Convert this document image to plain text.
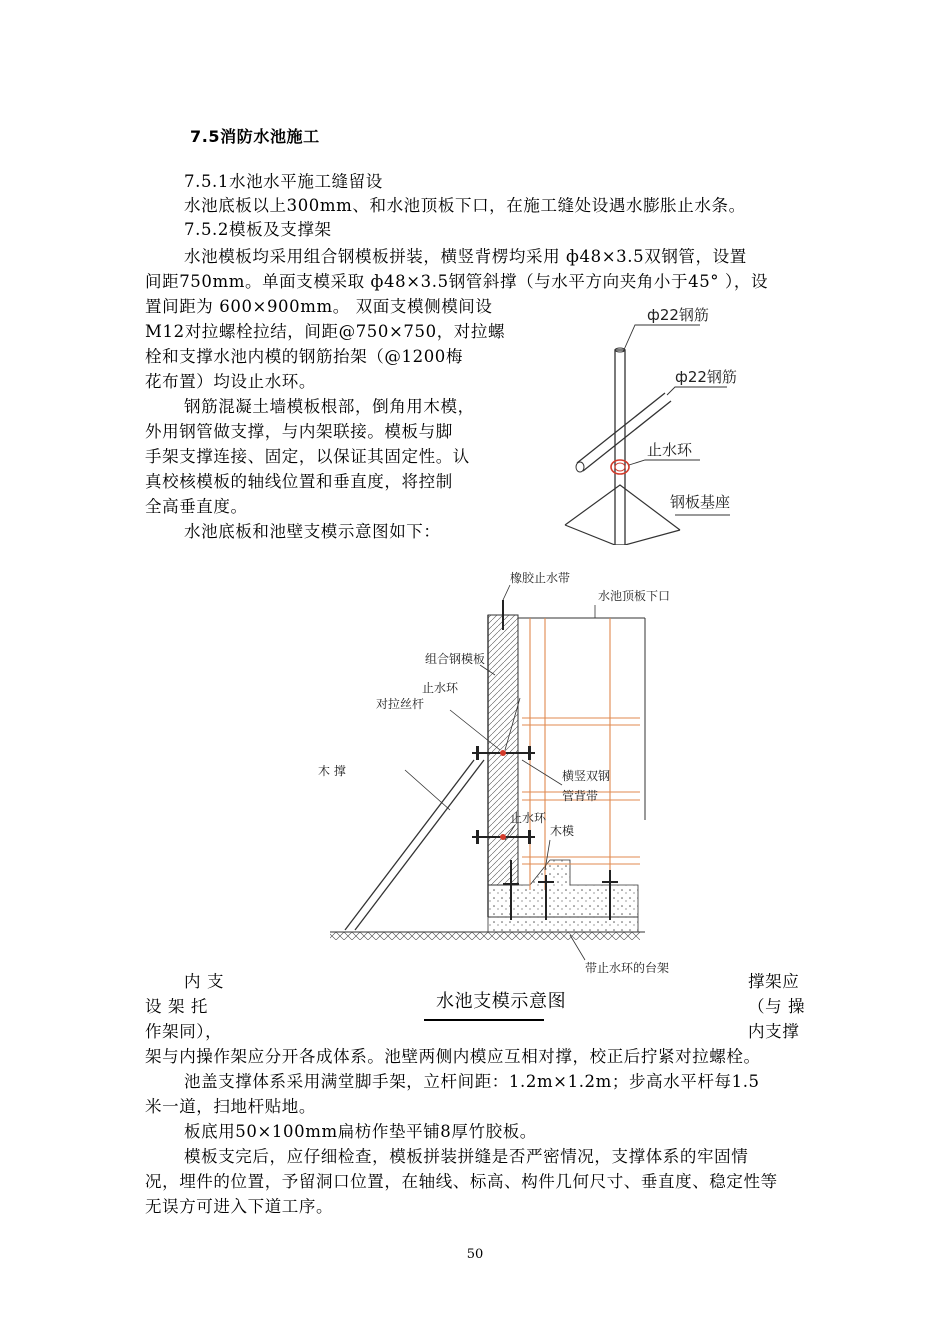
7.5消防水池施工
7.5.1水池水平施工缝留设
水池底板以上300mm、和水池顶板下口，在施工缝处设遇水膨胀止水条。
7.5.2模板及支撑架
水池模板均采用组合钢模板拼装，横竖背楞均采用 ф48×3.5双钢管，设置
间距750mm。单面支模采取 ф48×3.5钢管斜撑（与水平方向夹角小于45° ），设
置间距为 600×900mm。 双面支模侧模间设
M12对拉螺栓拉结，间距@750×750，对拉螺
栓和支撑水池内模的钢筋抬架（@1200梅
花布置）均设止水环。
钢筋混凝土墙模板根部，倒角用木模，
外用钢管做支撑，与内架联接。模板与脚
手架支撑连接、固定，以保证其固定性。认
真校核模板的轴线位置和垂直度，将控制
全高垂直度。
水池底板和池壁支模示意图如下：
ф22钢筋
ф22钢筋
止水环
钢板基座
橡胶止水带
水池顶板下口
组合钢模板
止水环
对拉丝杆
木 撑	横竖双钢
管背带
止水环
木模
带止水环的台架
水池支模示意图
内 支	撑架应
设 架 托	（与 操
作架同），	内支撑
架与内操作架应分开各成体系。池壁两侧内模应互相对撑，校正后拧紧对拉螺栓。
池盖支撑体系采用满堂脚手架，立杆间距：1.2m×1.2m；步高水平杆每1.5
米一道，扫地杆贴地。
板底用50×100mm扁枋作垫平铺8厚竹胶板。
模板支完后，应仔细检查，模板拼装拼缝是否严密情况，支撑体系的牢固情
况，埋件的位置，予留洞口位置，在轴线、标高、构件几何尺寸、垂直度、稳定性等
无误方可进入下道工序。
50
